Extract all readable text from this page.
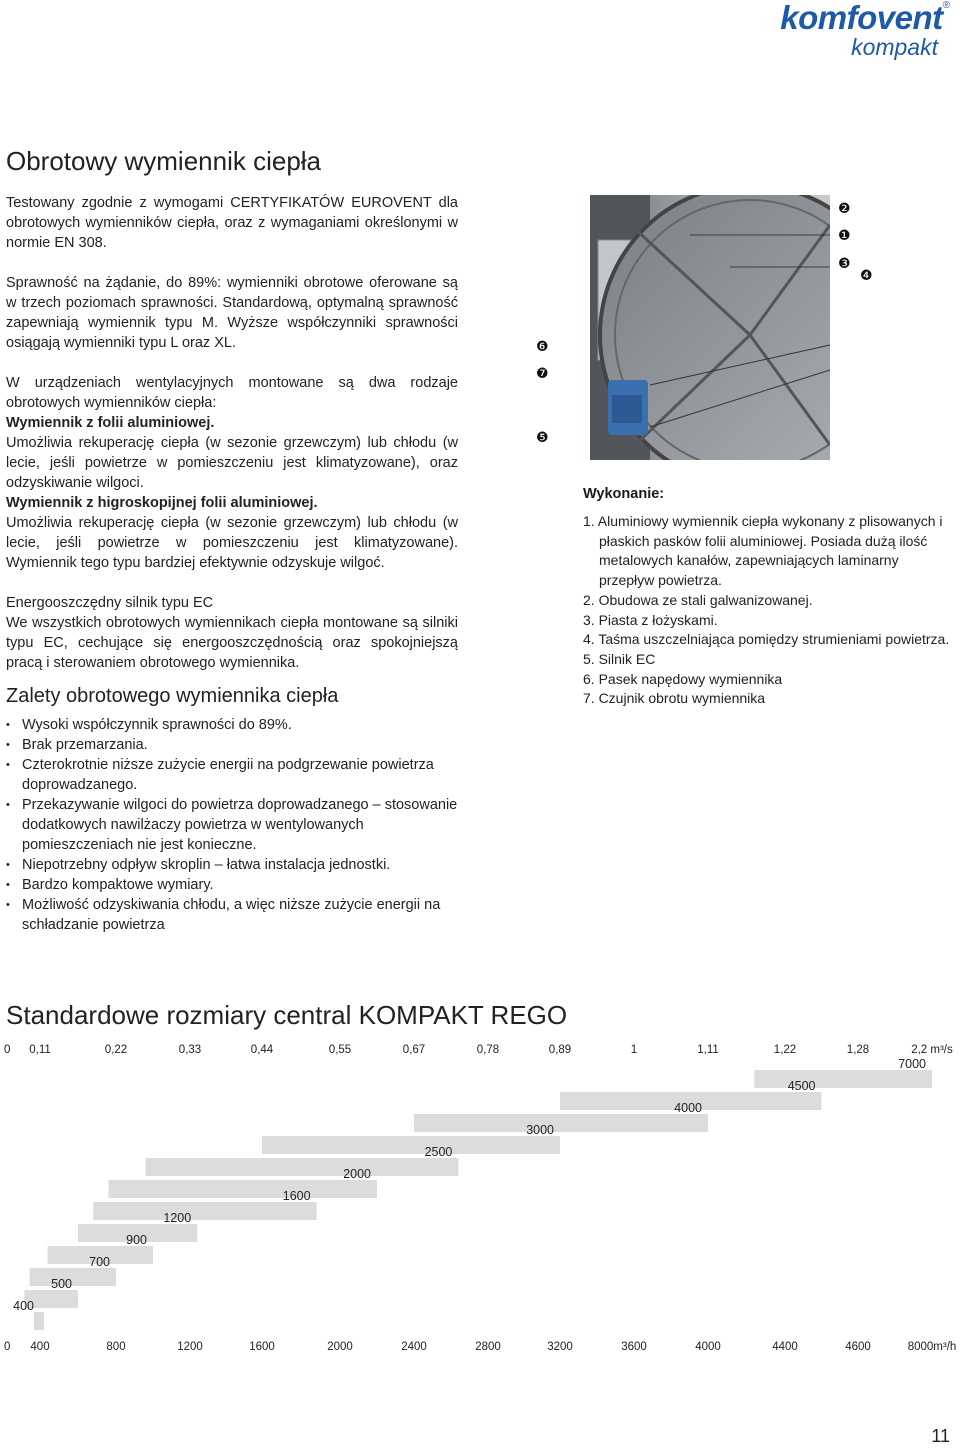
komfovent®
kompakt
Obrotowy wymiennik ciepła
Testowany zgodnie z wymogami CERTYFIKATÓW EUROVENT dla obrotowych wymienników ciepła, oraz z wymaganiami określonymi w normie EN 308.
Sprawność na żądanie, do 89%: wymienniki obrotowe oferowane są w trzech poziomach sprawności. Standardową, optymalną sprawność zapewniają wymiennik typu M. Wyższe współczynniki sprawności osiągają wymienniki typu L oraz XL.
W urządzeniach wentylacyjnych montowane są dwa rodzaje obrotowych wymienników ciepła:
Wymiennik z folii aluminiowej.
Umożliwia rekuperację ciepła (w sezonie grzewczym) lub chłodu (w lecie, jeśli powietrze w pomieszczeniu jest klimatyzowane), oraz odzyskiwanie wilgoci.
Wymiennik z higroskopijnej folii aluminiowej.
Umożliwia rekuperację ciepła (w sezonie grzewczym) lub chłodu (w lecie, jeśli powietrze w pomieszczeniu jest klimatyzowane). Wymiennik tego typu bardziej efektywnie odzyskuje wilgoć.
Energooszczędny silnik typu EC
We wszystkich obrotowych wymiennikach ciepła montowane są silniki typu EC, cechujące się energooszczędnością oraz spokojniejszą pracą i sterowaniem obrotowego wymiennika.
Zalety obrotowego wymiennika ciepła
• Wysoki współczynnik sprawności do 89%.
• Brak przemarzania.
• Czterokrotnie niższe zużycie energii na podgrzewanie powietrza doprowadzanego.
• Przekazywanie wilgoci do powietrza doprowadzanego – stosowanie dodatkowych nawilżaczy powietrza w wentylowanych pomieszczeniach nie jest konieczne.
• Niepotrzebny odpływ skroplin – łatwa instalacja jednostki.
• Bardzo kompaktowe wymiary.
• Możliwość odzyskiwania chłodu, a więc niższe zużycie energii na schładzanie powietrza
❷
❶
❸
❹
❻
❼
❺
Wykonanie:
1. Aluminiowy wymiennik ciepła wykonany z plisowanych i płaskich pasków folii aluminiowej. Posiada dużą ilość metalowych kanałów, zapewniających laminarny przepływ powietrza.
2. Obudowa ze stali galwanizowanej.
3. Piasta z łożyskami.
4. Taśma uszczelniająca pomiędzy strumieniami powietrza.
5. Silnik EC
6. Pasek napędowy wymiennika
7. Czujnik obrotu wymiennika
Standardowe rozmiary central KOMPAKT REGO
0 0,11	0,22	0,33	0,44	0,55	0,67	0,78	0,89	1	1,11	1,22	1,28	2,2 m³/s
0 400	800	1200	1600	2000	2400	2800	3200	3600	4000	4400	4600	8000m³/h
7000
4500
4000
3000
2500
2000
1600
1200
900
700
500
400
11
